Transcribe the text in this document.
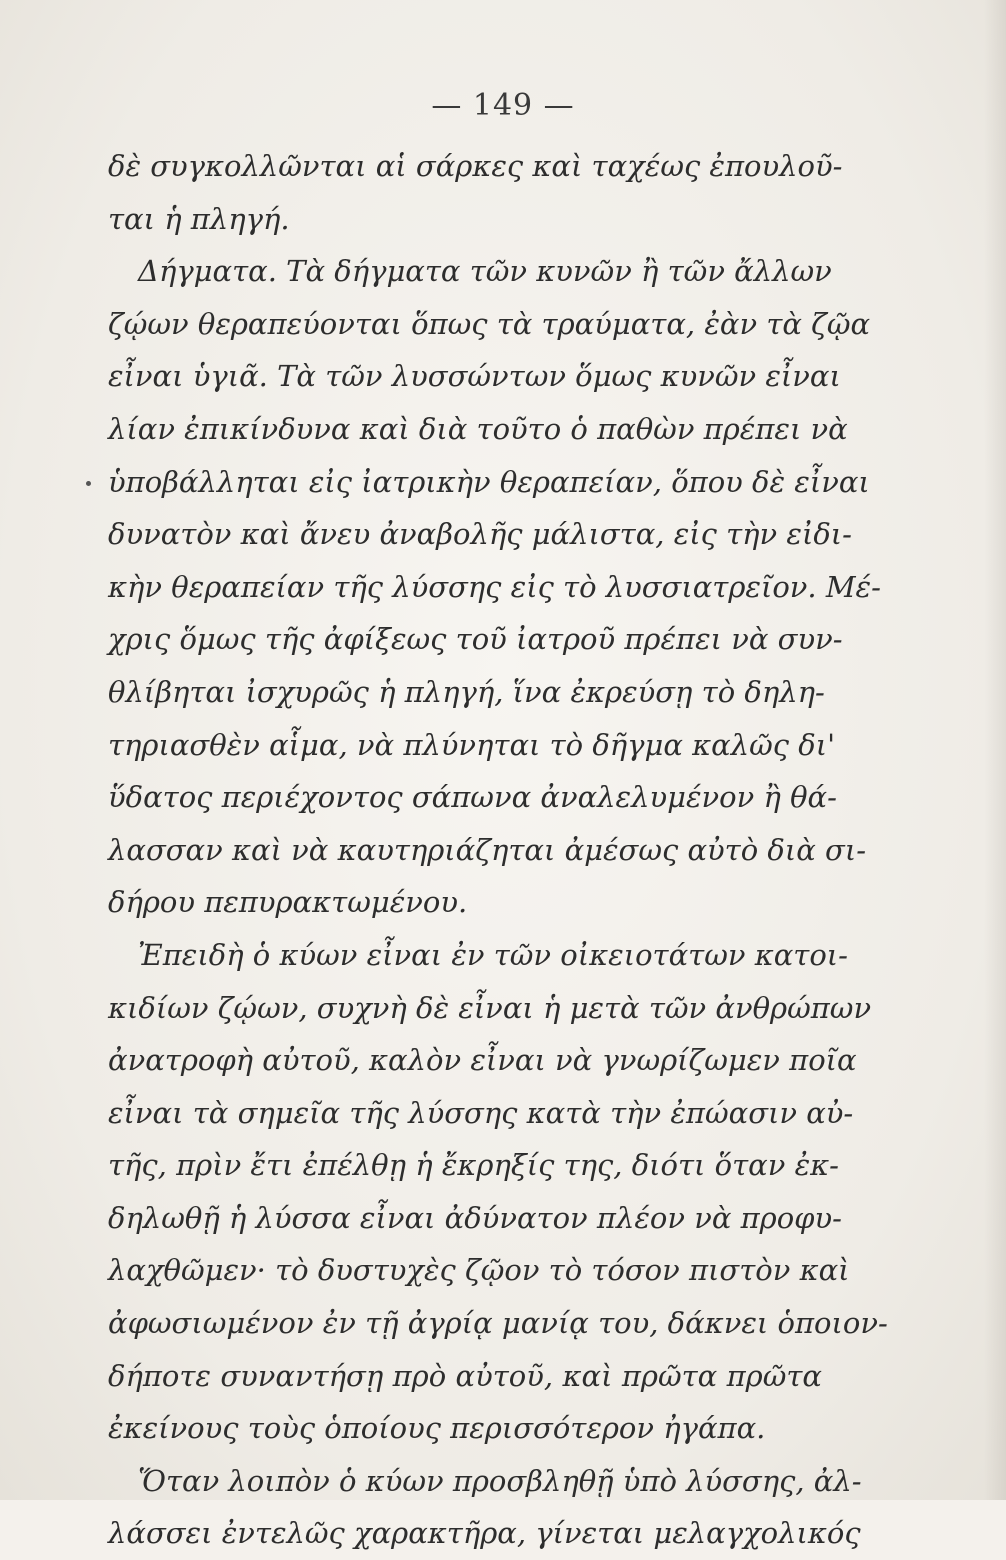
— 149 —
δὲ συγκολλῶνται αἱ σάρκες καὶ ταχέως ἐπουλοῦ-
ται ἡ πληγή.
Δήγματα. Τὰ δήγματα τῶν κυνῶν ἢ τῶν ἄλλων
ζῴων θεραπεύονται ὅπως τὰ τραύματα, ἐὰν τὰ ζῷα
εἶναι ὑγιᾶ. Τὰ τῶν λυσσώντων ὅμως κυνῶν εἶναι
λίαν ἐπικίνδυνα καὶ διὰ τοῦτο ὁ παθὼν πρέπει νὰ
ὑποβάλληται εἰς ἰατρικὴν θεραπείαν, ὅπου δὲ εἶναι
δυνατὸν καὶ ἄνευ ἀναβολῆς μάλιστα, εἰς τὴν εἰδι-
κὴν θεραπείαν τῆς λύσσης εἰς τὸ λυσσιατρεῖον. Μέ-
χρις ὅμως τῆς ἀφίξεως τοῦ ἰατροῦ πρέπει νὰ συν-
θλίβηται ἰσχυρῶς ἡ πληγή, ἵνα ἐκρεύσῃ τὸ δηλη-
τηριασθὲν αἷμα, νὰ πλύνηται τὸ δῆγμα καλῶς δι'
ὕδατος περιέχοντος σάπωνα ἀναλελυμένον ἢ θά-
λασσαν καὶ νὰ καυτηριάζηται ἀμέσως αὐτὸ διὰ σι-
δήρου πεπυρακτωμένου.
Ἐπειδὴ ὁ κύων εἶναι ἐν τῶν οἰκειοτάτων κατοι-
κιδίων ζῴων, συχνὴ δὲ εἶναι ἡ μετὰ τῶν ἀνθρώπων
ἀνατροφὴ αὐτοῦ, καλὸν εἶναι νὰ γνωρίζωμεν ποῖα
εἶναι τὰ σημεῖα τῆς λύσσης κατὰ τὴν ἐπώασιν αὐ-
τῆς, πρὶν ἔτι ἐπέλθῃ ἡ ἔκρηξίς της, διότι ὅταν ἐκ-
δηλωθῇ ἡ λύσσα εἶναι ἀδύνατον πλέον νὰ προφυ-
λαχθῶμεν· τὸ δυστυχὲς ζῷον τὸ τόσον πιστὸν καὶ
ἀφωσιωμένον ἐν τῇ ἀγρίᾳ μανίᾳ του, δάκνει ὁποιον-
δήποτε συναντήσῃ πρὸ αὐτοῦ, καὶ πρῶτα πρῶτα
ἐκείνους τοὺς ὁποίους περισσότερον ἠγάπα.
Ὅταν λοιπὸν ὁ κύων προσβληθῇ ὑπὸ λύσσης, ἀλ-
λάσσει ἐντελῶς χαρακτῆρα, γίνεται μελαγχολικός
